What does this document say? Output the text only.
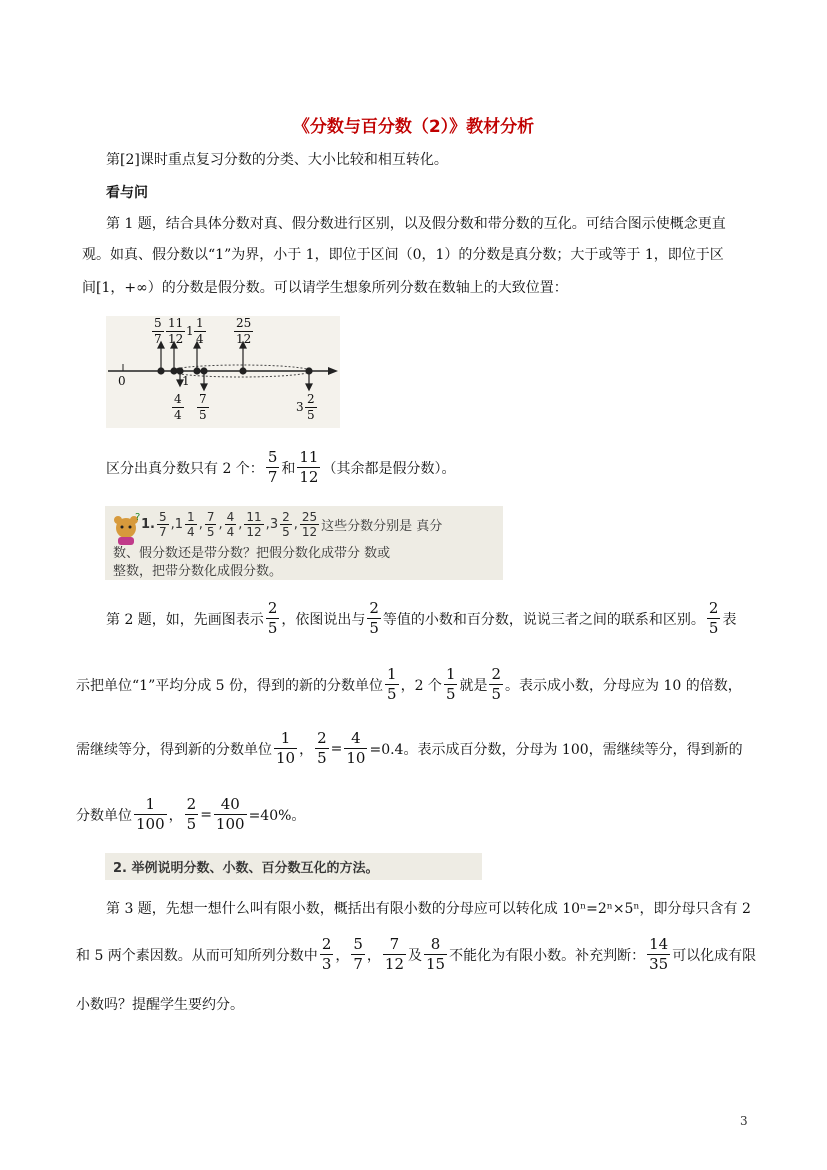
《分数与百分数（2）》教材分析
第[2]课时重点复习分数的分类、大小比较和相互转化。
看与问
第 1 题，结合具体分数对真、假分数进行区别，以及假分数和带分数的互化。可结合图示使概念更直
观。如真、假分数以“1”为界，小于 1，即位于区间（0，1）的分数是真分数；大于或等于 1，即位于区
间[1，+∞）的分数是假分数。可以请学生想象所列分数在数轴上的大致位置：
0	1
$\frac{5}{7} \frac{11}{12} 1 \frac{1}{4} \frac{25}{12}$
$\frac{4}{4} \frac{7}{5}$	$3 \frac{2}{5}$
区分出真分数只有 2 个： $\frac{5}{7}$ 和 $\frac{11}{12}$ （其余都是假分数）。
? 1. $\frac{5}{7}$ , $1 \frac{1}{4}$ , $\frac{7}{5}$ , $\frac{4}{4}$ , $\frac{11}{12}$ , $3 \frac{2}{5}$ , $\frac{25}{12}$ 这些分数分别是 真分
数、假分数还是带分数？把假分数化成带分 数或
整数，把带分数化成假分数。
第 2 题，如，先画图表示 $\frac{2}{5}$ ，依图说出与 $\frac{2}{5}$ 等值的小数和百分数，说说三者之间的联系和区别。 $\frac{2}{5}$ 表
示把单位“1”平均分成 5 份，得到的新的分数单位 $\frac{1}{5}$ ，2 个 $\frac{1}{5}$ 就是 $\frac{2}{5}$ 。表示成小数，分母应为 10 的倍数，
需继续等分，得到新的分数单位 $\frac{1}{10}$ ， $\frac{2}{5} = \frac{4}{10} =0.4$。表示成百分数，分母为 100，需继续等分，得到新的
分数单位 $\frac{1}{100}$ ， $\frac{2}{5} = \frac{40}{100} =40\%$。
2. 举例说明分数、小数、百分数互化的方法。
第 3 题，先想一想什么叫有限小数，概括出有限小数的分母应可以转化成 10ⁿ=2ⁿ×5ⁿ，即分母只含有 2
和 5 两个素因数。从而可知所列分数中 $\frac{2}{3}$ ， $\frac{5}{7}$ ， $\frac{7}{12}$ 及 $\frac{8}{15}$ 不能化为有限小数。补充判断： $\frac{14}{35}$ 可以化成有限
小数吗？提醒学生要约分。
3
